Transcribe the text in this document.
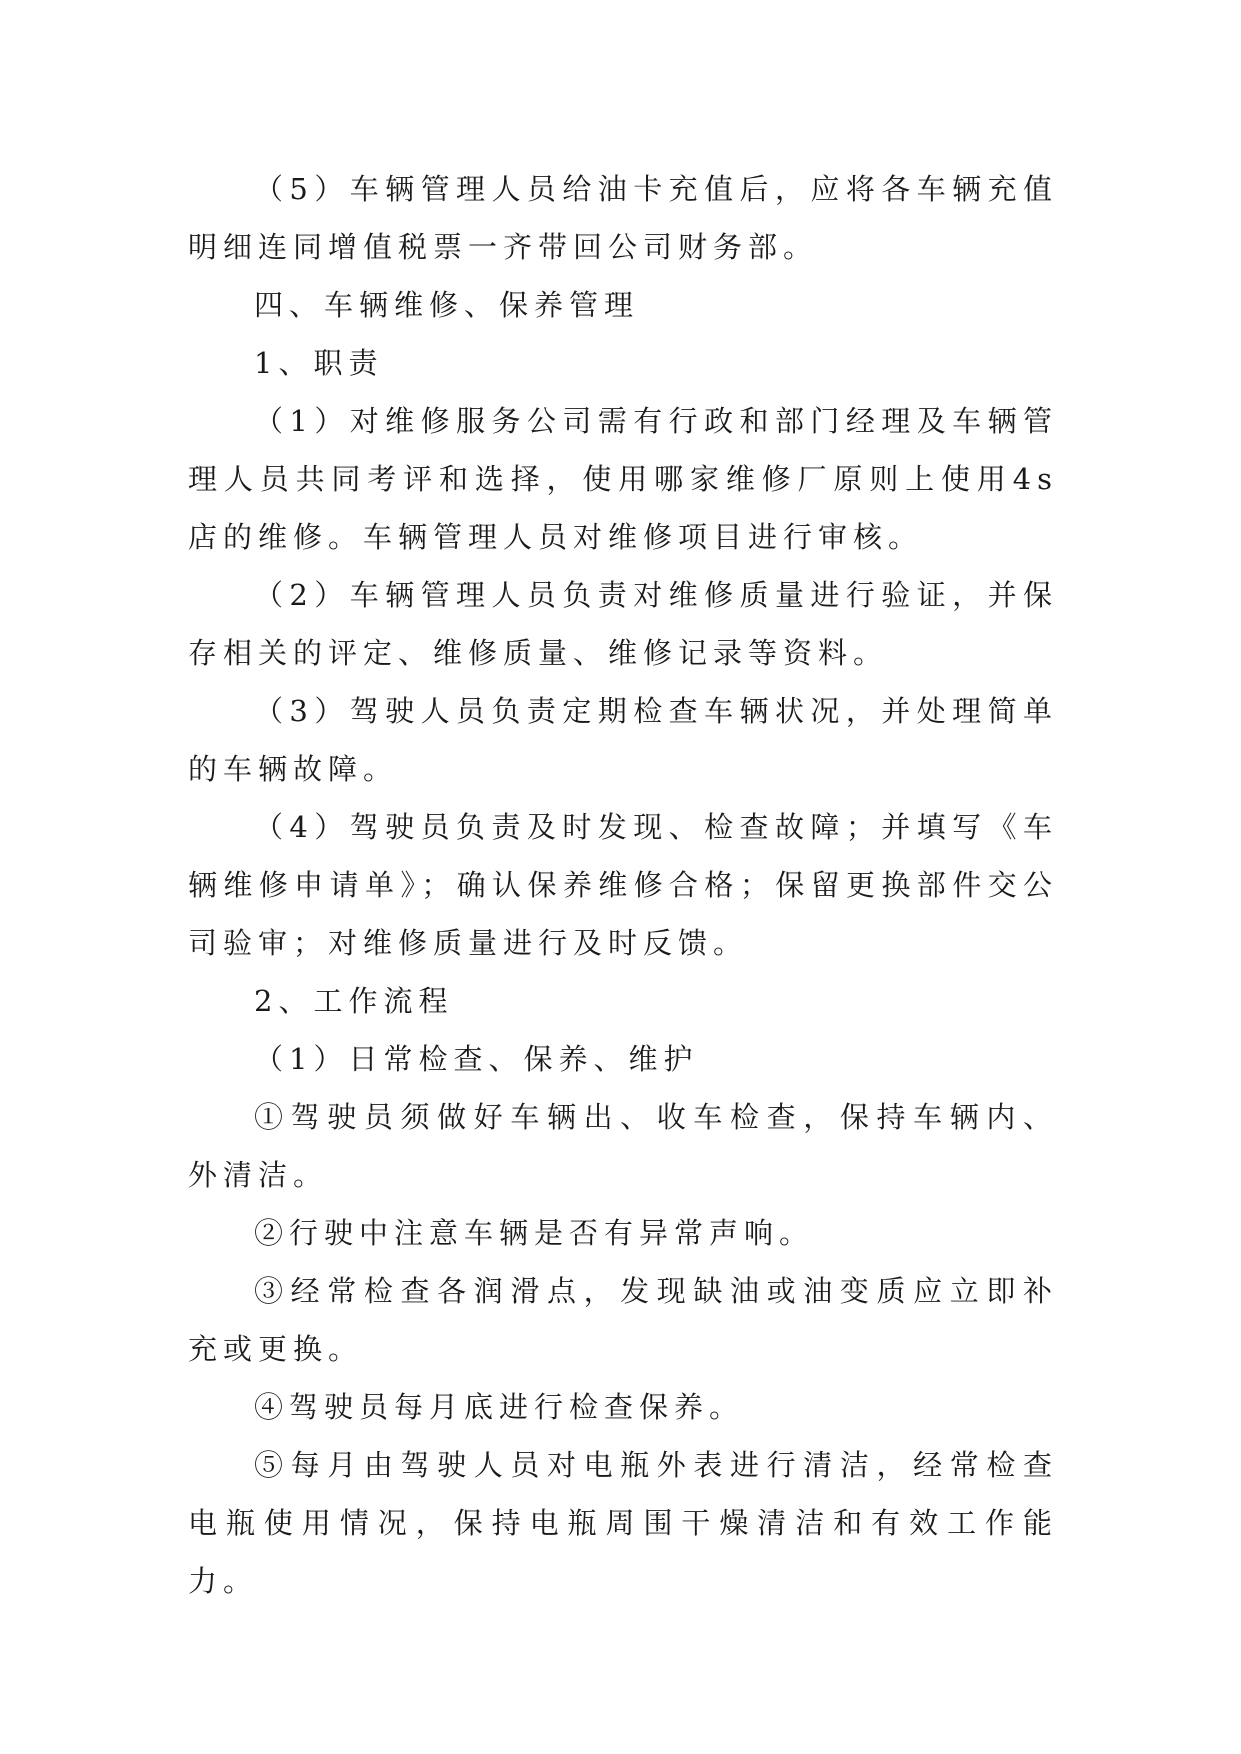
（5）车辆管理人员给油卡充值后，应将各车辆充值明细连同增值税票一齐带回公司财务部。

四、车辆维修、保养管理

1、职责

（1）对维修服务公司需有行政和部门经理及车辆管理人员共同考评和选择，使用哪家维修厂原则上使用4s店的维修。车辆管理人员对维修项目进行审核。

（2）车辆管理人员负责对维修质量进行验证，并保存相关的评定、维修质量、维修记录等资料。

（3）驾驶人员负责定期检查车辆状况，并处理简单的车辆故障。

（4）驾驶员负责及时发现、检查故障；并填写《车辆维修申请单》；确认保养维修合格；保留更换部件交公司验审；对维修质量进行及时反馈。

2、工作流程

（1）日常检查、保养、维护

①驾驶员须做好车辆出、收车检查，保持车辆内、外清洁。

②行驶中注意车辆是否有异常声响。

③经常检查各润滑点，发现缺油或油变质应立即补充或更换。

④驾驶员每月底进行检查保养。

⑤每月由驾驶人员对电瓶外表进行清洁，经常检查电瓶使用情况，保持电瓶周围干燥清洁和有效工作能力。
